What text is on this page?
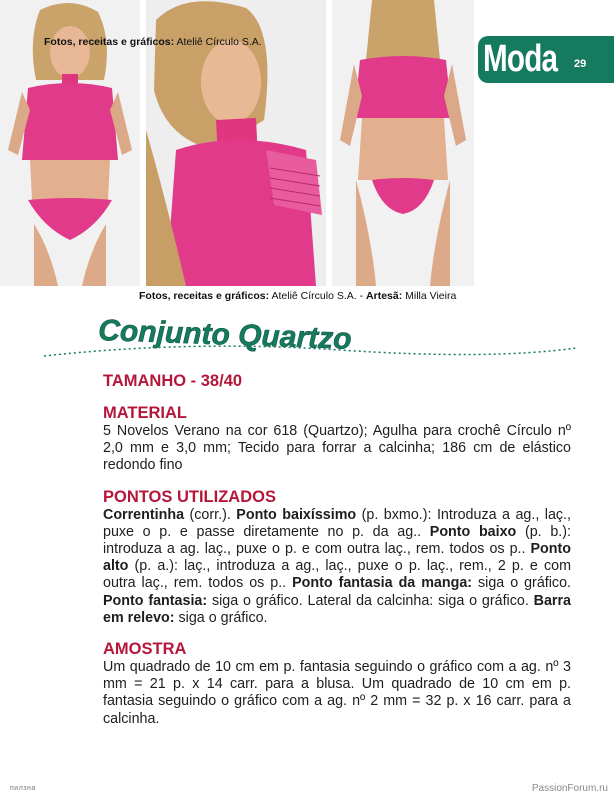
Fotos, receitas e gráficos: Ateliê Círculo S.A.
Fotos, receitas e gráficos: Ateliê Círculo S.A. - Artesã: Milla Vieira
Moda 29
Conjunto Quartzo
TAMANHO - 38/40
MATERIAL
5 Novelos Verano na cor 618 (Quartzo); Agulha para crochê Círculo nº 2,0 mm e 3,0 mm; Tecido para forrar a calcinha; 186 cm de elástico redondo fino
PONTOS UTILIZADOS
Correntinha (corr.). Ponto baixíssimo (p. bxmo.): Introduza a ag., laç., puxe o p. e passe diretamente no p. da ag.. Ponto baixo (p. b.): introduza a ag. laç., puxe o p. e com outra laç., rem. todos os p.. Ponto alto (p. a.): laç., introduza a ag., laç., puxe o p. laç., rem., 2 p. e com outra laç., rem. todos os p.. Ponto fantasia da manga: siga o gráfico. Ponto fantasia: siga o gráfico. Lateral da calcinha: siga o gráfico. Barra em relevo: siga o gráfico.
AMOSTRA
Um quadrado de 10 cm em p. fantasia seguindo o gráfico com a ag. nº 3 mm = 21 p. x 14 carr. para a blusa. Um quadrado de 10 cm em p. fantasia seguindo o gráfico com a ag. nº 2 mm = 32 p. x 16 carr. para a calcinha.
пилзна	PassionForum.ru
